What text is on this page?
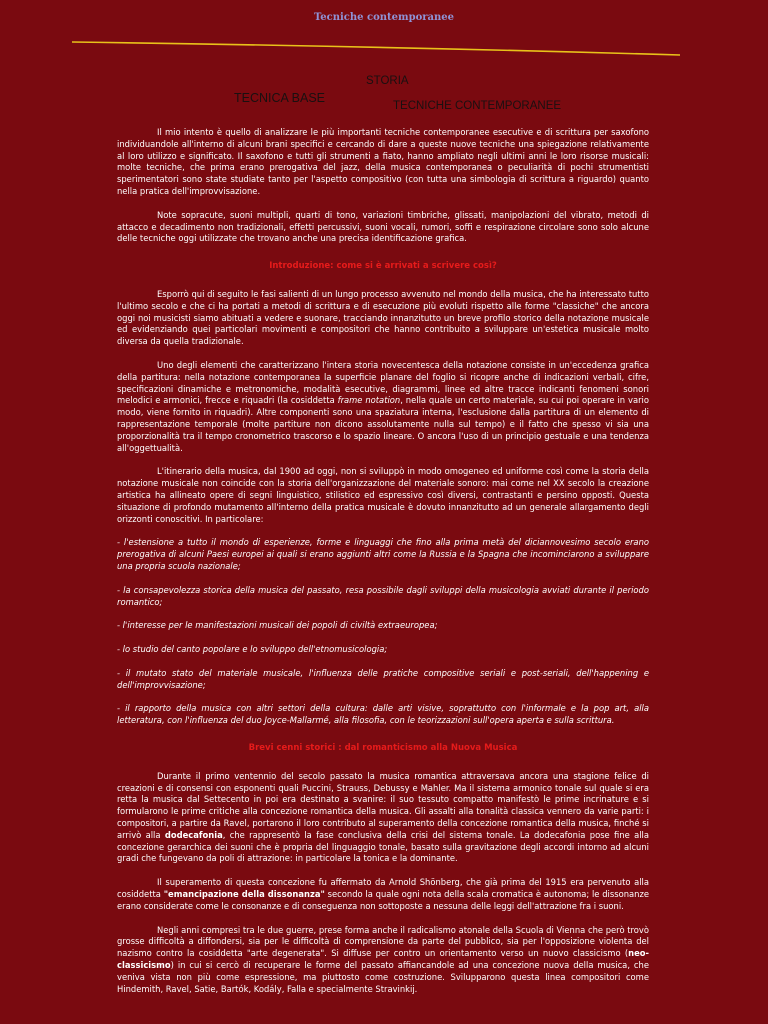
Tecniche contemporanee
STORIA
TECNICA BASE
TECNICHE CONTEMPORANEE

Il mio intento è quello di analizzare le più importanti tecniche contemporanee esecutive e di scrittura per saxofono individuandole all'interno di alcuni brani specifici e cercando di dare a queste nuove tecniche una spiegazione relativamente al loro utilizzo e significato. Il saxofono e tutti gli strumenti a fiato, hanno ampliato negli ultimi anni le loro risorse musicali: molte tecniche, che prima erano prerogativa del jazz, della musica contemporanea o peculiarità di pochi strumentisti sperimentatori sono state studiate tanto per l'aspetto compositivo (con tutta una simbologia di scrittura a riguardo) quanto nella pratica dell'improvvisazione.

Note sopracute, suoni multipli, quarti di tono, variazioni timbriche, glissati, manipolazioni del vibrato, metodi di attacco e decadimento non tradizionali, effetti percussivi, suoni vocali, rumori, soffi e respirazione circolare sono solo alcune delle tecniche oggi utilizzate che trovano anche una precisa identificazione grafica.

Introduzione: come si è arrivati a scrivere così?

Esporrò qui di seguito le fasi salienti di un lungo processo avvenuto nel mondo della musica, che ha interessato tutto l'ultimo secolo e che ci ha portati a metodi di scrittura e di esecuzione più evoluti rispetto alle forme "classiche" che ancora oggi noi musicisti siamo abituati a vedere e suonare, tracciando innanzitutto un breve profilo storico della notazione musicale ed evidenziando quei particolari movimenti e compositori che hanno contribuito a sviluppare un'estetica musicale molto diversa da quella tradizionale.

Uno degli elementi che caratterizzano l'intera storia novecentesca della notazione consiste in un'eccedenza grafica della partitura: nella notazione contemporanea la superficie planare del foglio si ricopre anche di indicazioni verbali, cifre, specificazioni dinamiche e metronomiche, modalità esecutive, diagrammi, linee ed altre tracce indicanti fenomeni sonori melodici e armonici, frecce e riquadri (la cosiddetta frame notation, nella quale un certo materiale, su cui poi operare in vario modo, viene fornito in riquadri). Altre componenti sono una spaziatura interna, l'esclusione dalla partitura di un elemento di rappresentazione temporale (molte partiture non dicono assolutamente nulla sul tempo) e il fatto che spesso vi sia una proporzionalità tra il tempo cronometrico trascorso e lo spazio lineare. O ancora l'uso di un principio gestuale e una tendenza all'oggettualità.

L'itinerario della musica, dal 1900 ad oggi, non si sviluppò in modo omogeneo ed uniforme così come la storia della notazione musicale non coincide con la storia dell'organizzazione del materiale sonoro: mai come nel XX secolo la creazione artistica ha allineato opere di segni linguistico, stilistico ed espressivo così diversi, contrastanti e persino opposti. Questa situazione di profondo mutamento all'interno della pratica musicale è dovuto innanzitutto ad un generale allargamento degli orizzonti conoscitivi. In particolare:

- l'estensione a tutto il mondo di esperienze, forme e linguaggi che fino alla prima metà del diciannovesimo secolo erano prerogativa di alcuni Paesi europei ai quali si erano aggiunti altri come la Russia e la Spagna che incominciarono a sviluppare una propria scuola nazionale;

- la consapevolezza storica della musica del passato, resa possibile dagli sviluppi della musicologia avviati durante il periodo romantico;

- l'interesse per le manifestazioni musicali dei popoli di civiltà extraeuropea;

- lo studio del canto popolare e lo sviluppo dell'etnomusicologia;

- il mutato stato del materiale musicale, l'influenza delle pratiche compositive seriali e post-seriali, dell'happening e dell'improvvisazione;

- il rapporto della musica con altri settori della cultura: dalle arti visive, soprattutto con l'informale e la pop art, alla letteratura, con l'influenza del duo Joyce-Mallarmé, alla filosofia, con le teorizzazioni sull'opera aperta e sulla scrittura.

Brevi cenni storici : dal romanticismo alla Nuova Musica

Durante il primo ventennio del secolo passato la musica romantica attraversava ancora una stagione felice di creazioni e di consensi con esponenti quali Puccini, Strauss, Debussy e Mahler. Ma il sistema armonico tonale sul quale si era retta la musica dal Settecento in poi era destinato a svanire: il suo tessuto compatto manifestò le prime incrinature e si formularono le prime critiche alla concezione romantica della musica. Gli assalti alla tonalità classica vennero da varie parti: i compositori, a partire da Ravel, portarono il loro contributo al superamento della concezione romantica della musica, finché si arrivò alla dodecafonia, che rappresentò la fase conclusiva della crisi del sistema tonale. La dodecafonia pose fine alla concezione gerarchica dei suoni che è propria del linguaggio tonale, basato sulla gravitazione degli accordi intorno ad alcuni gradi che fungevano da poli di attrazione: in particolare la tonica e la dominante.

Il superamento di questa concezione fu affermato da Arnold Shönberg, che già prima del 1915 era pervenuto alla cosiddetta "emancipazione della dissonanza" secondo la quale ogni nota della scala cromatica è autonoma; le dissonanze erano considerate come le consonanze e di conseguenza non sottoposte a nessuna delle leggi dell'attrazione fra i suoni.

Negli anni compresi tra le due guerre, prese forma anche il radicalismo atonale della Scuola di Vienna che però trovò grosse difficoltà a diffondersi, sia per le difficoltà di comprensione da parte del pubblico, sia per l'opposizione violenta del nazismo contro la cosiddetta "arte degenerata". Si diffuse per contro un orientamento verso un nuovo classicismo (neo-classicismo) in cui si cercò di recuperare le forme del passato affiancandole ad una concezione nuova della musica, che veniva vista non più come espressione, ma piuttosto come costruzione. Svilupparono questa linea compositori come Hindemith, Ravel, Satie, Bartók, Kodály, Falla e specialmente Stravinkij.
